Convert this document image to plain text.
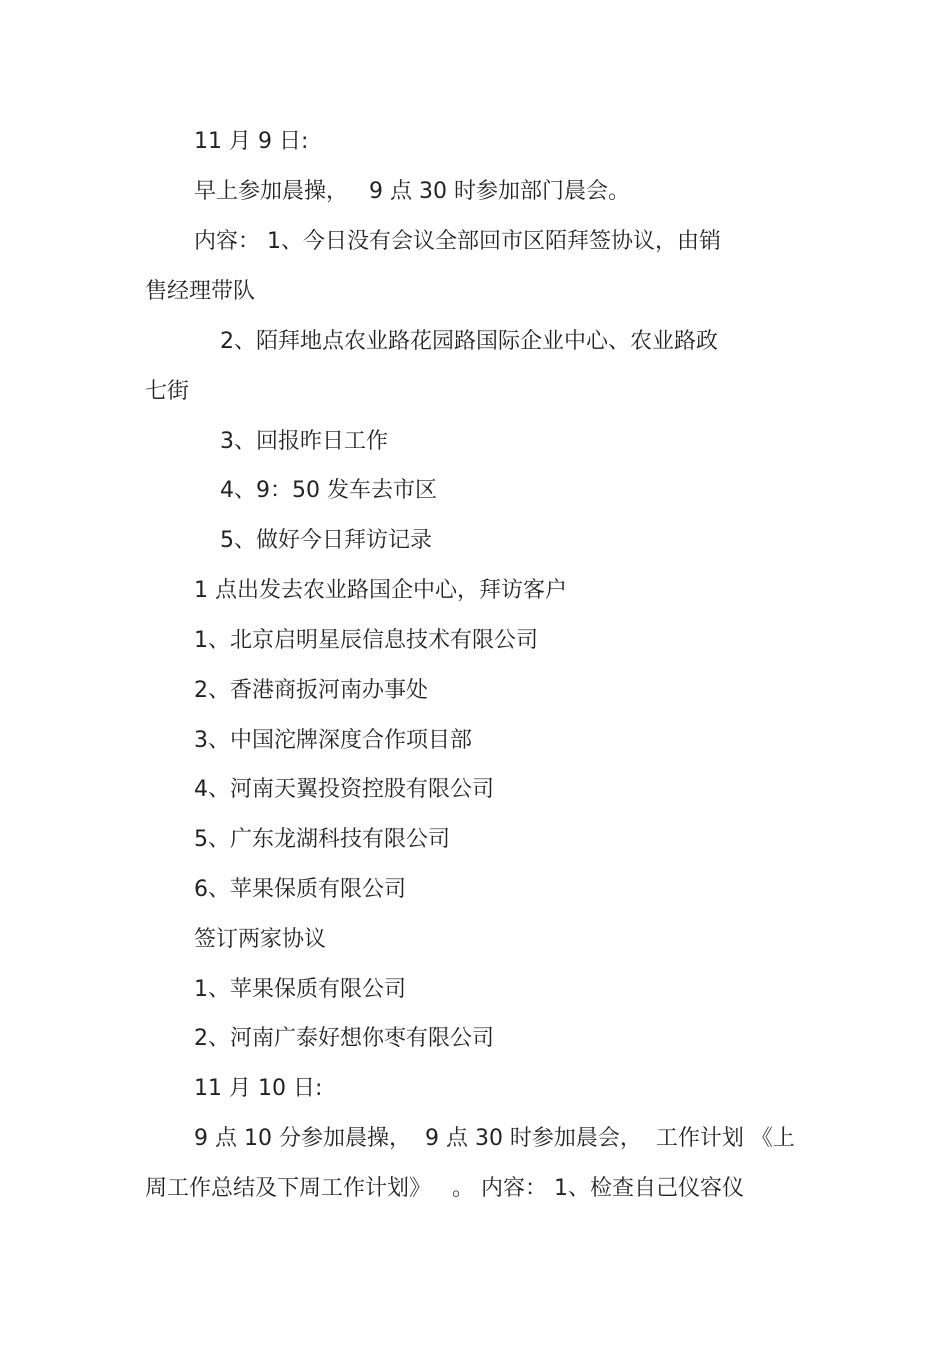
11 月 9 日:

早上参加晨操，   9 点 30 时参加部门晨会。

内容： 1、今日没有会议全部回市区陌拜签协议，由销

售经理带队

2、陌拜地点农业路花园路国际企业中心、农业路政

七街

3、回报昨日工作

4、9：50 发车去市区

5、做好今日拜访记录

1 点出发去农业路国企中心，拜访客户

1、北京启明星辰信息技术有限公司

2、香港商扳河南办事处

3、中国沱牌深度合作项目部

4、河南天翼投资控股有限公司

5、广东龙湖科技有限公司

6、苹果保质有限公司

签订两家协议

1、苹果保质有限公司

2、河南广泰好想你枣有限公司

11 月 10 日:

9 点 10 分参加晨操，  9 点 30 时参加晨会，  工作计划 《上

周工作总结及下周工作计划》   。 内容： 1、检查自己仪容仪
